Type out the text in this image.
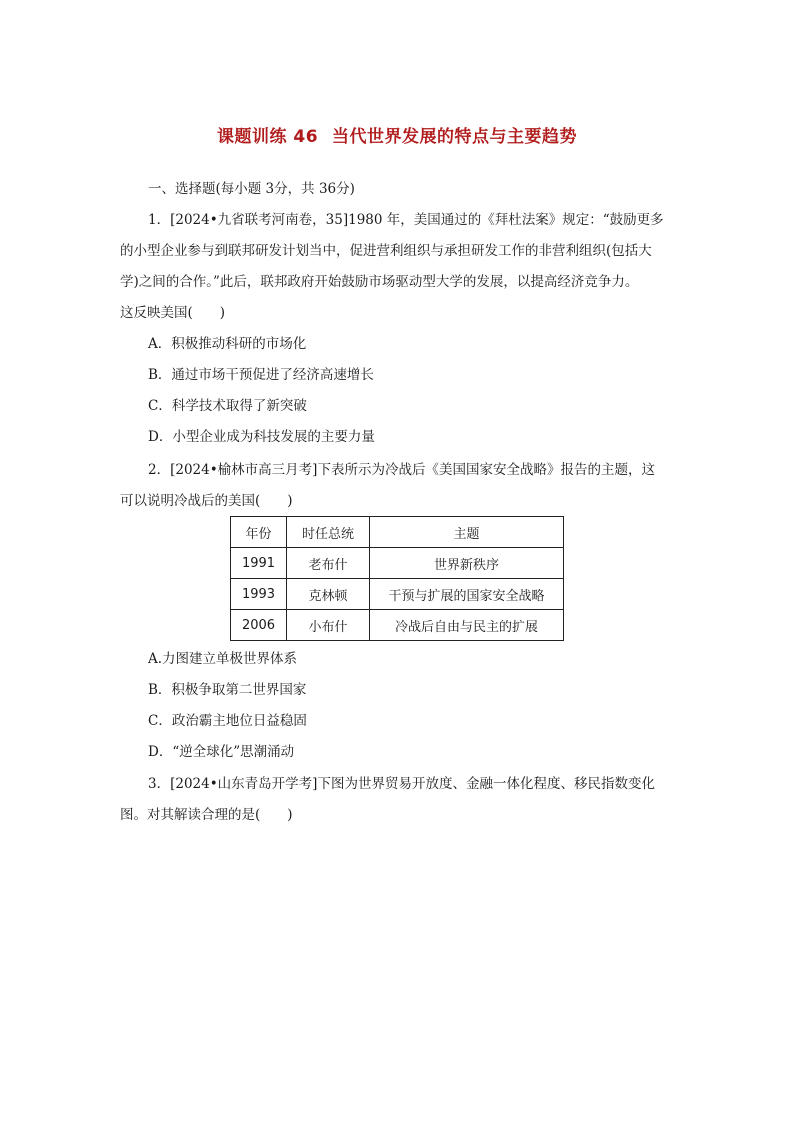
课题训练 46 当代世界发展的特点与主要趋势
一、选择题(每小题 3分，共 36分)
1．[2024•九省联考河南卷，35]1980 年，美国通过的《拜杜法案》规定：“鼓励更多
的小型企业参与到联邦研发计划当中，促进营利组织与承担研发工作的非营利组织(包括大
学)之间的合作。”此后，联邦政府开始鼓励市场驱动型大学的发展，以提高经济竞争力。
这反映美国(　　)
A．积极推动科研的市场化
B．通过市场干预促进了经济高速增长
C．科学技术取得了新突破
D．小型企业成为科技发展的主要力量
2．[2024•榆林市高三月考]下表所示为冷战后《美国国家安全战略》报告的主题，这
可以说明冷战后的美国(　　)
年份	时任总统	主题
1991	老布什	世界新秩序
1993	克林顿	干预与扩展的国家安全战略
2006	小布什	冷战后自由与民主的扩展
A.力图建立单极世界体系
B．积极争取第二世界国家
C．政治霸主地位日益稳固
D．“逆全球化”思潮涌动
3．[2024•山东青岛开学考]下图为世界贸易开放度、金融一体化程度、移民指数变化
图。对其解读合理的是(　　)
